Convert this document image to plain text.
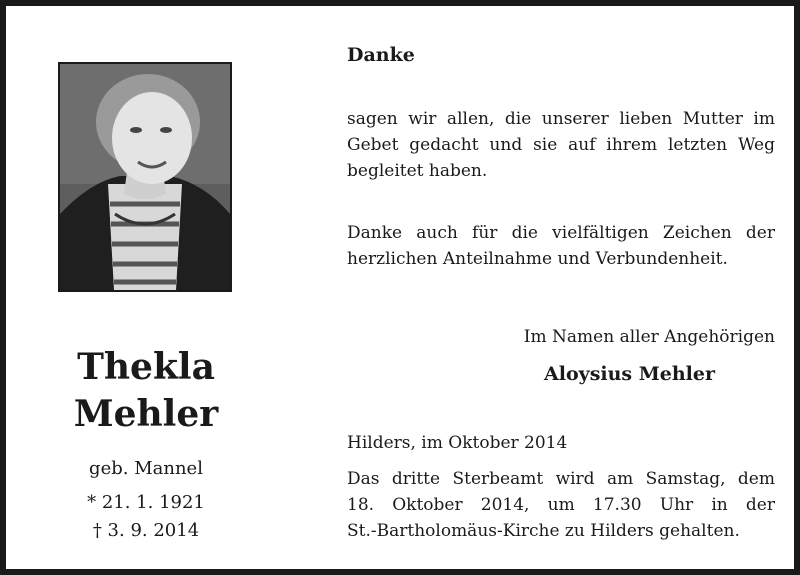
Thekla
Mehler
geb. Mannel
* 21. 1. 1921
† 3. 9. 2014
Danke
sagen wir allen, die unserer lieben Mutter im
Gebet gedacht und sie auf ihrem letzten Weg
begleitet haben.
Danke auch für die vielfältigen Zeichen der
herzlichen Anteilnahme und Verbundenheit.
Im Namen aller Angehörigen
Aloysius Mehler
Hilders, im Oktober 2014
Das dritte Sterbeamt wird am Samstag, dem
18. Oktober 2014, um 17.30 Uhr in der
St.-Bartholomäus-Kirche zu Hilders gehalten.
